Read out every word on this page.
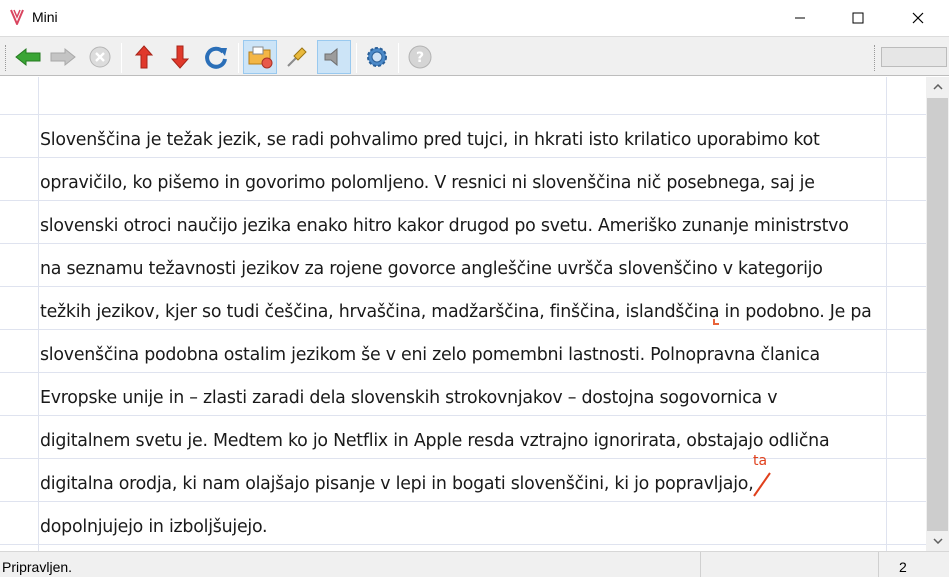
Mini
?
Slovenščina je težak jezik, se radi pohvalimo pred tujci, in hkrati isto krilatico uporabimo kot
opravičilo, ko pišemo in govorimo polomljeno. V resnici ni slovenščina nič posebnega, saj je
slovenski otroci naučijo jezika enako hitro kakor drugod po svetu. Ameriško zunanje ministrstvo
na seznamu težavnosti jezikov za rojene govorce angleščine uvršča slovenščino v kategorijo
težkih jezikov, kjer so tudi češčina, hrvaščina, madžarščina, finščina, islandščina in podobno. Je pa
slovenščina podobna ostalim jezikom še v eni zelo pomembni lastnosti. Polnopravna članica
Evropske unije in – zlasti zaradi dela slovenskih strokovnjakov – dostojna sogovornica v
digitalnem svetu je. Medtem ko jo Netflix in Apple resda vztrajno ignorirata, obstajajo odlična
digitalna orodja, ki nam olajšajo pisanje v lepi in bogati slovenščini, ki jo popravljajo,
dopolnjujejo in izboljšujejo.
ta
Pripravljen.	2
